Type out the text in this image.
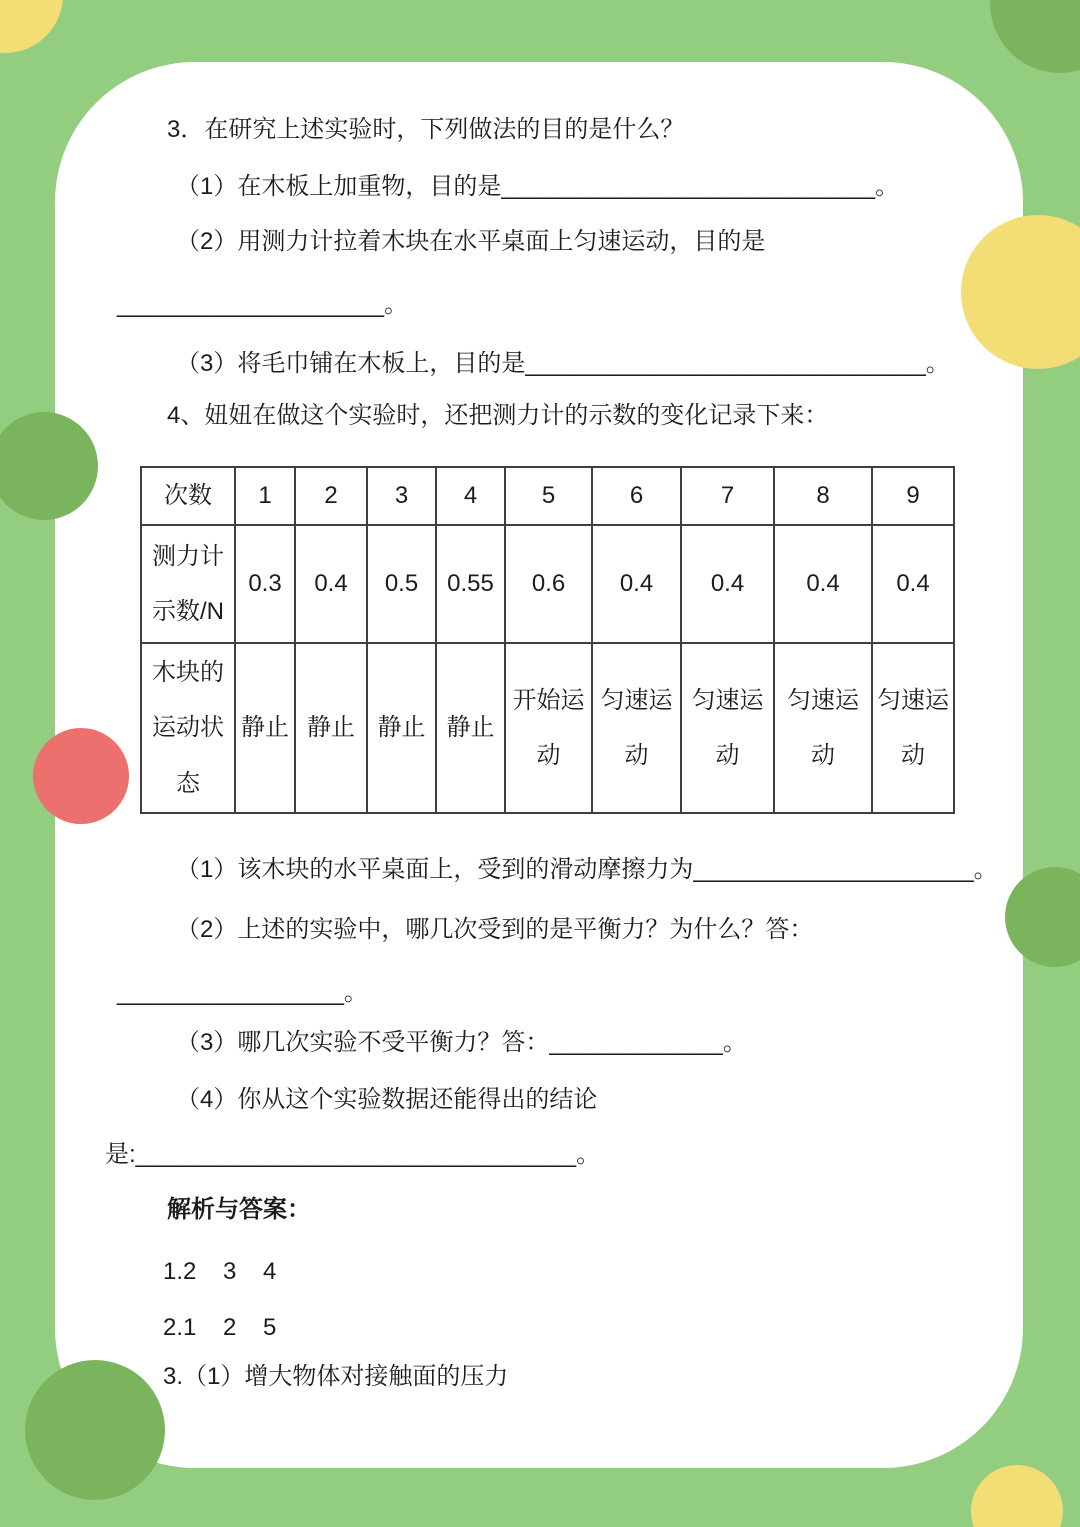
3．在研究上述实验时，下列做法的目的是什么？
（1）在木板上加重物，目的是____________________________。
（2）用测力计拉着木块在水平桌面上匀速运动，目的是
____________________。
（3）将毛巾铺在木板上，目的是______________________________。
4、妞妞在做这个实验时，还把测力计的示数的变化记录下来：
次数	1	2	3	4	5	6	7	8	9
测力计示数/N	0.3	0.4	0.5	0.55	0.6	0.4	0.4	0.4	0.4
木块的运动状态	静止	静止	静止	静止	开始运动	匀速运动	匀速运动	匀速运动	匀速运动
（1）该木块的水平桌面上，受到的滑动摩擦力为_____________________。
（2）上述的实验中，哪几次受到的是平衡力？为什么？答：
_________________。
（3）哪几次实验不受平衡力？答：_____________。
（4）你从这个实验数据还能得出的结论
是:_________________________________。
解析与答案：
1.2    3    4
2.1    2    5
3.（1）增大物体对接触面的压力
